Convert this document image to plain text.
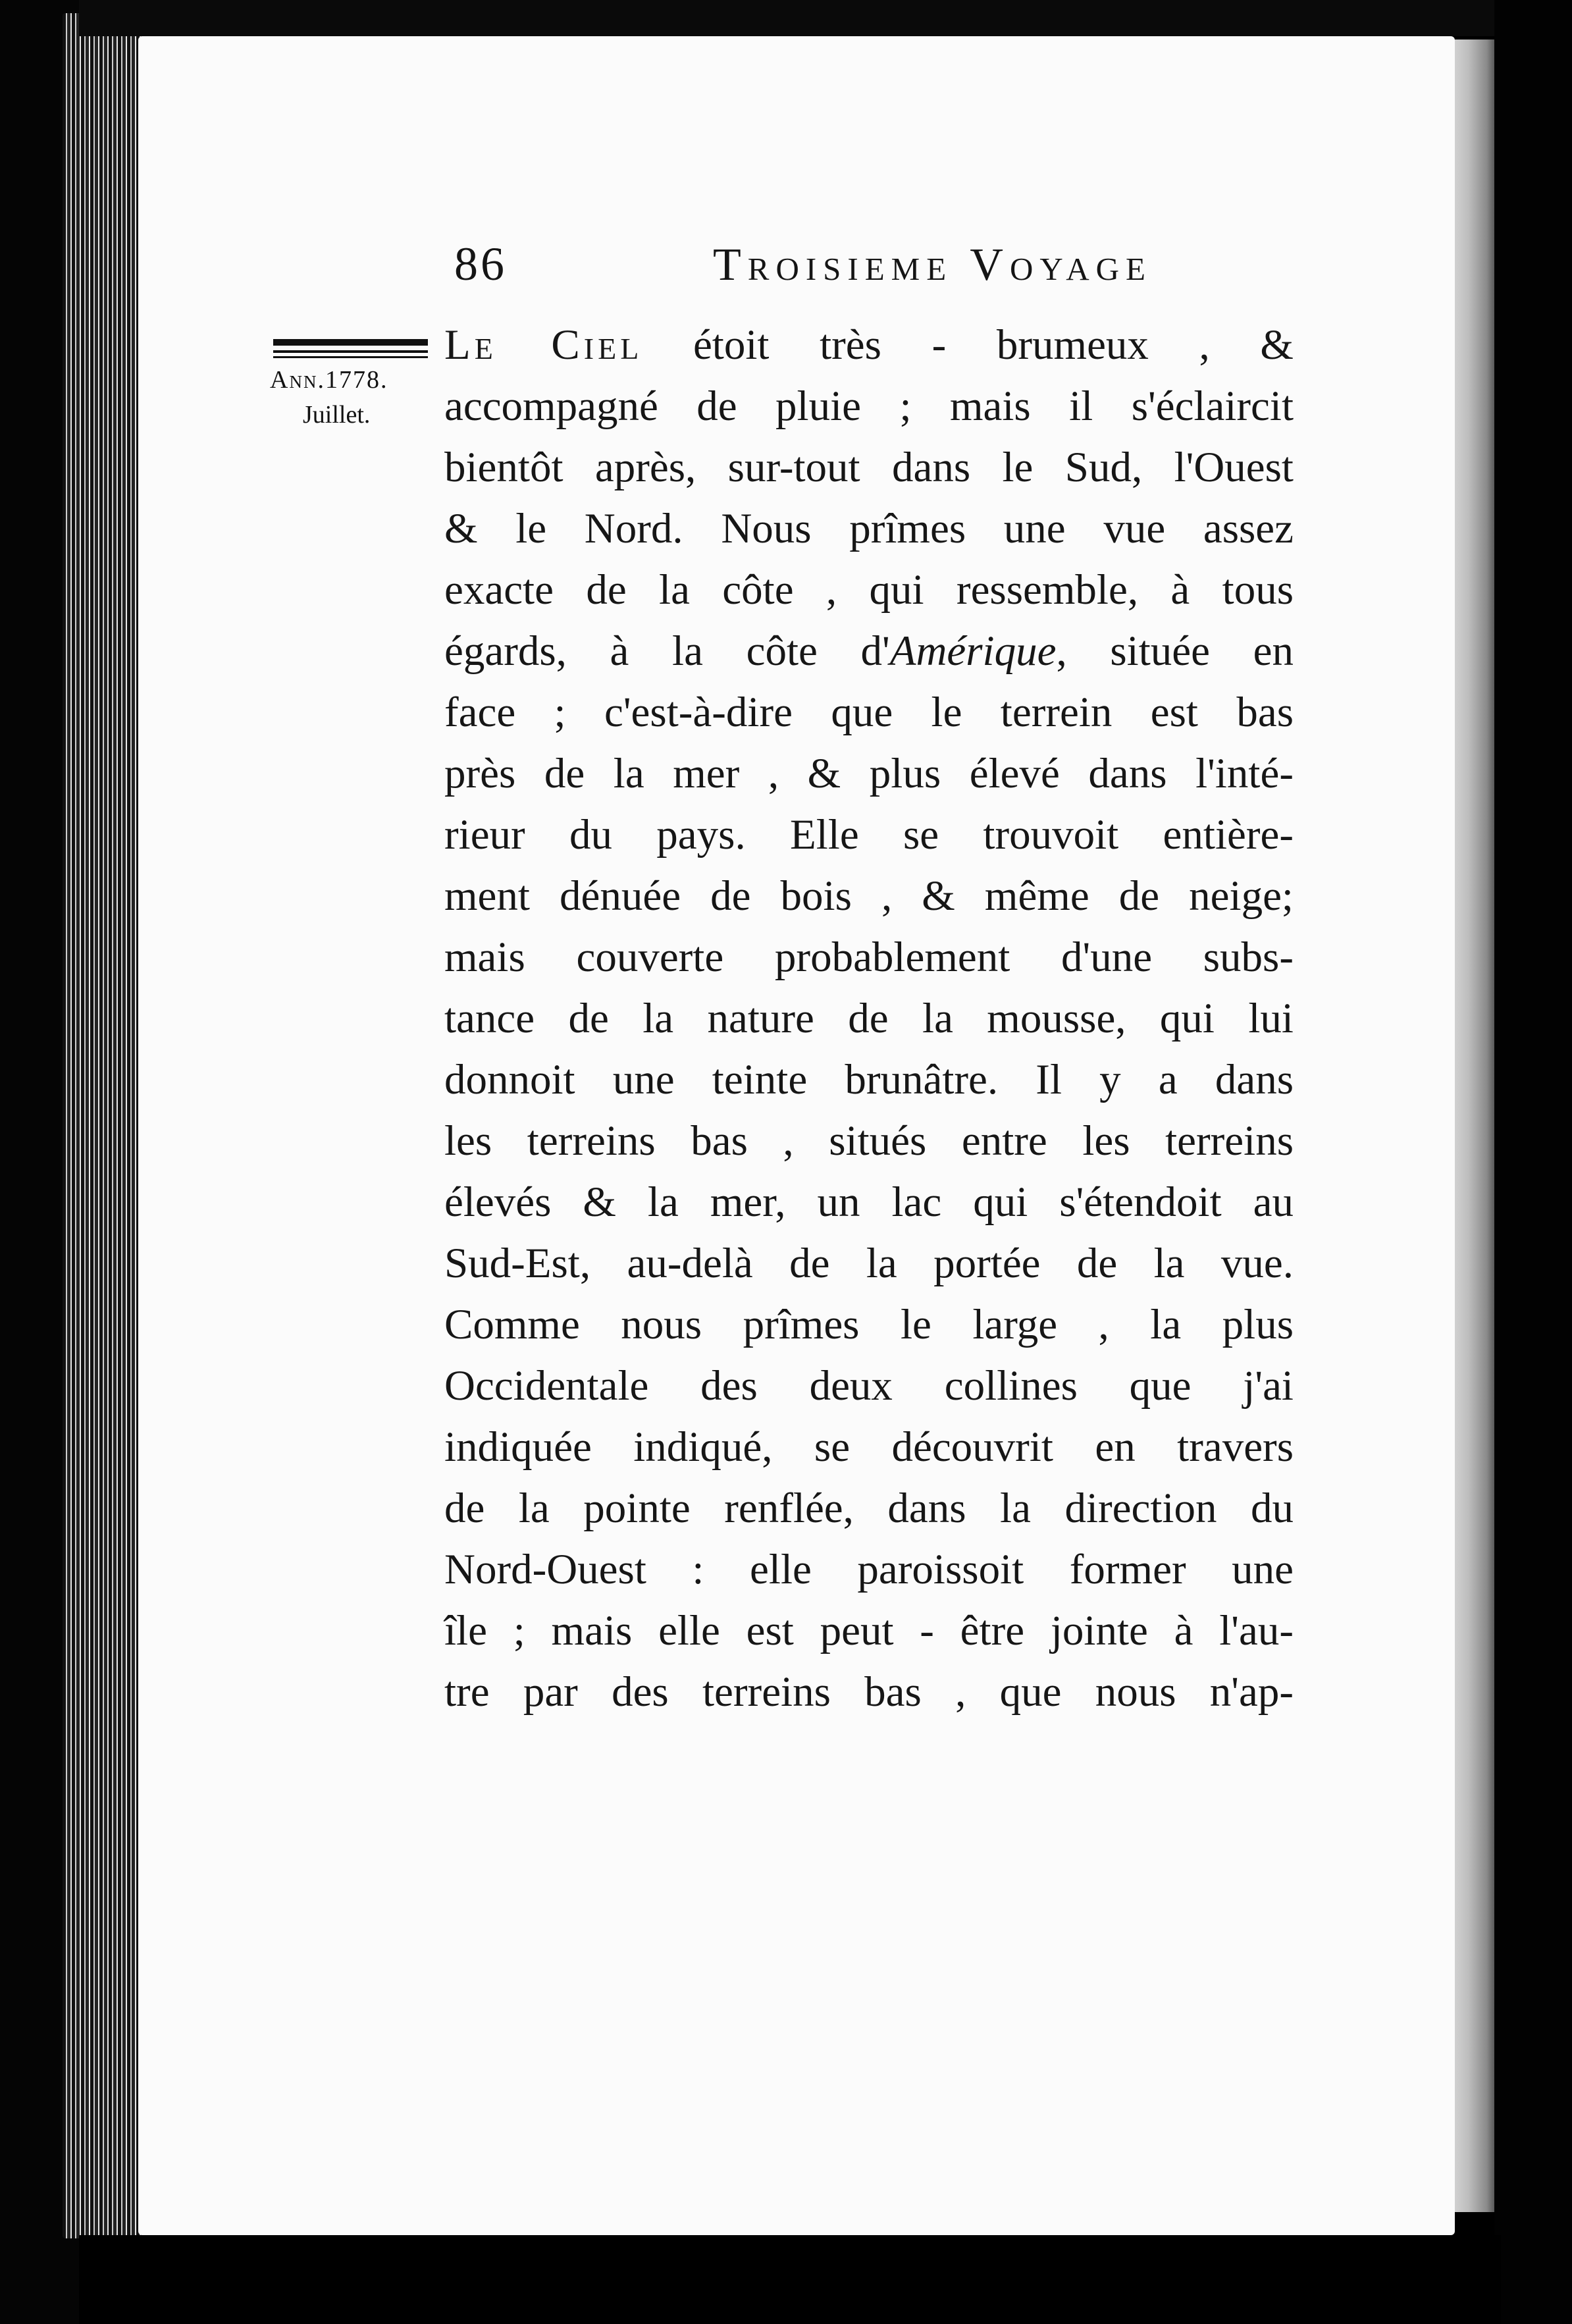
86	Troisieme Voyage
Ann.1778.
Juillet.
Le Ciel étoit très - brumeux , &
accompagné de pluie ; mais il s'éclaircit
bientôt après, sur-tout dans le Sud, l'Ouest
& le Nord. Nous prîmes une vue assez
exacte de la côte , qui ressemble, à tous
égards, à la côte d'Amérique, située en
face ; c'est-à-dire que le terrein est bas
près de la mer , & plus élevé dans l'inté-
rieur du pays. Elle se trouvoit entière-
ment dénuée de bois , & même de neige;
mais couverte probablement d'une subs-
tance de la nature de la mousse, qui lui
donnoit une teinte brunâtre. Il y a dans
les terreins bas , situés entre les terreins
élevés & la mer, un lac qui s'étendoit au
Sud-Est, au-delà de la portée de la vue.
Comme nous prîmes le large , la plus
Occidentale des deux collines que j'ai
indiquée indiqué, se découvrit en travers
de la pointe renflée, dans la direction du
Nord-Ouest : elle paroissoit former une
île ; mais elle est peut - être jointe à l'au-
tre par des terreins bas , que nous n'ap-
